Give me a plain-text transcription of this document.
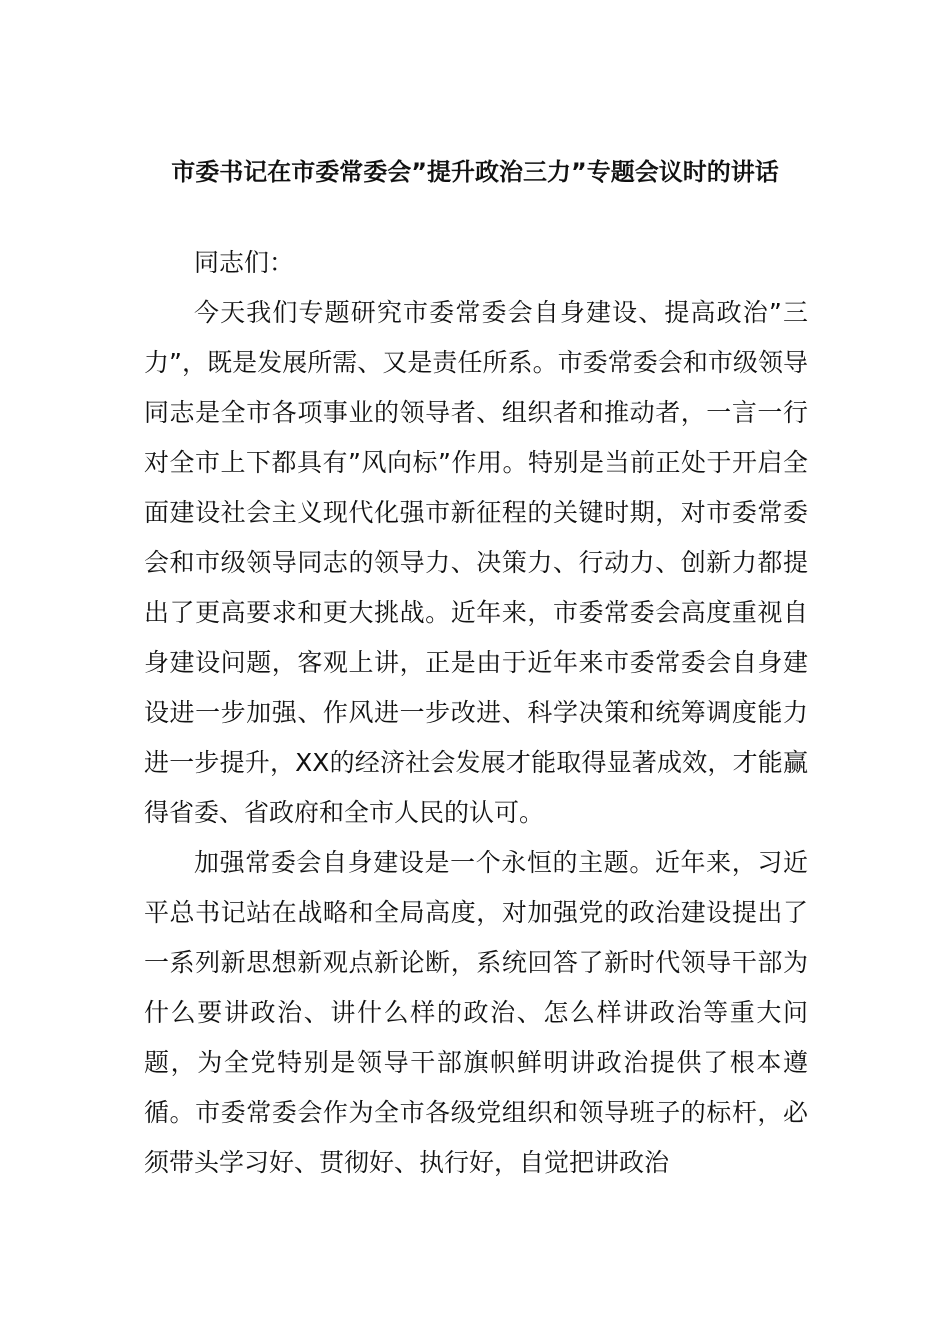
市委书记在市委常委会”提升政治三力”专题会议时的讲话

同志们：

今天我们专题研究市委常委会自身建设、提高政治”三力”，既是发展所需、又是责任所系。市委常委会和市级领导同志是全市各项事业的领导者、组织者和推动者，一言一行对全市上下都具有”风向标”作用。特别是当前正处于开启全面建设社会主义现代化强市新征程的关键时期，对市委常委会和市级领导同志的领导力、决策力、行动力、创新力都提出了更高要求和更大挑战。近年来，市委常委会高度重视自身建设问题，客观上讲，正是由于近年来市委常委会自身建设进一步加强、作风进一步改进、科学决策和统筹调度能力进一步提升，XX的经济社会发展才能取得显著成效，才能赢得省委、省政府和全市人民的认可。

加强常委会自身建设是一个永恒的主题。近年来，习近平总书记站在战略和全局高度，对加强党的政治建设提出了一系列新思想新观点新论断，系统回答了新时代领导干部为什么要讲政治、讲什么样的政治、怎么样讲政治等重大问题，为全党特别是领导干部旗帜鲜明讲政治提供了根本遵循。市委常委会作为全市各级党组织和领导班子的标杆，必须带头学习好、贯彻好、执行好，自觉把讲政治
